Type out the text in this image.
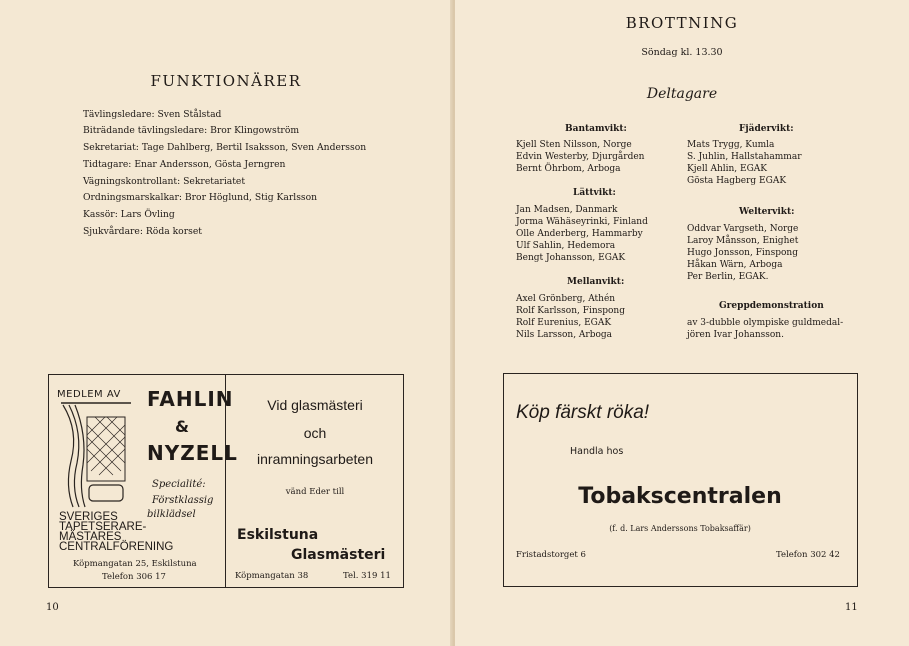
FUNKTIONÄRER
Tävlingsledare: Sven Stålstad
Biträdande tävlingsledare: Bror Klingowström
Sekretariat: Tage Dahlberg, Bertil Isaksson, Sven Andersson
Tidtagare: Enar Andersson, Gösta Jerngren
Vägningskontrollant: Sekretariatet
Ordningsmarskalkar: Bror Höglund, Stig Karlsson
Kassör: Lars Övling
Sjukvårdare: Röda korset
MEDLEM AV FAHLIN
&
NYZELL
Specialité:
Förstklassig
bilklädsel
SVERIGES
TAPETSERARE-
MÄSTARES
CENTRALFÖRENING
Köpmangatan 25, Eskilstuna
Telefon 306 17
Vid glasmästeri
och
inramningsarbeten
vänd Eder till
Eskilstuna
Glasmästeri
Köpmangatan 38	Tel. 319 11
10
BROTTNING
Söndag kl. 13.30
Deltagare
Bantamvikt:
Kjell Sten Nilsson, Norge
Edvin Westerby, Djurgården
Bernt Öhrbom, Arboga
Lättvikt:
Jan Madsen, Danmark
Jorma Wähäseyrinki, Finland
Olle Anderberg, Hammarby
Ulf Sahlin, Hedemora
Bengt Johansson, EGAK
Mellanvikt:
Axel Grönberg, Athén
Rolf Karlsson, Finspong
Rolf Eurenius, EGAK
Nils Larsson, Arboga
Fjädervikt:
Mats Trygg, Kumla
S. Juhlin, Hallstahammar
Kjell Ahlin, EGAK
Gösta Hagberg EGAK
Weltervikt:
Oddvar Vargseth, Norge
Laroy Månsson, Enighet
Hugo Jonsson, Finspong
Håkan Wärn, Arboga
Per Berlin, EGAK.
Greppdemonstration
av 3-dubble olympiske guldmedal-
jören Ivar Johansson.
11
Köp färskt röka!
Handla hos
Tobakscentralen
(f. d. Lars Anderssons Tobaksaffär)
Fristadstorget 6	Telefon 302 42
